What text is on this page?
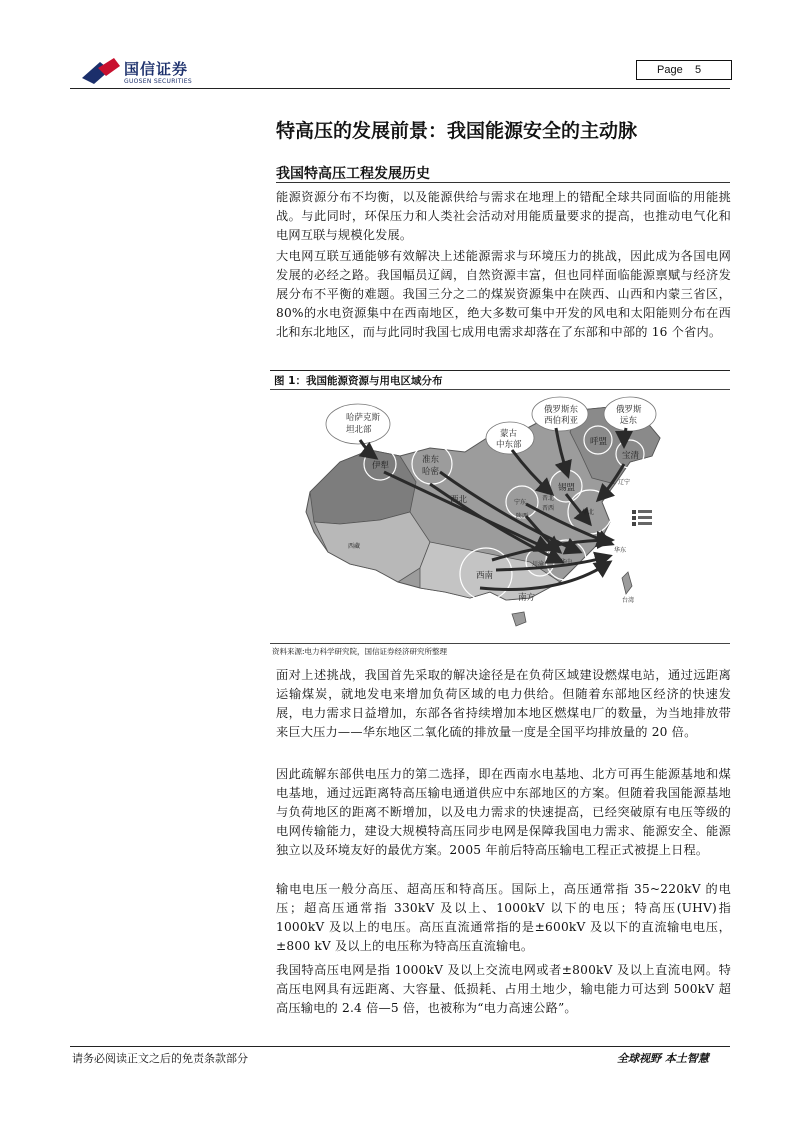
国信证券
GUOSEN SECURITIES
Page 5
特高压的发展前景：我国能源安全的主动脉
我国特高压工程发展历史
能源资源分布不均衡，以及能源供给与需求在地理上的错配全球共同面临的用能挑战。与此同时，环保压力和人类社会活动对用能质量要求的提高，也推动电气化和电网互联与规模化发展。
大电网互联互通能够有效解决上述能源需求与环境压力的挑战，因此成为各国电网发展的必经之路。我国幅员辽阔，自然资源丰富，但也同样面临能源禀赋与经济发展分布不平衡的难题。我国三分之二的煤炭资源集中在陕西、山西和内蒙三省区，80%的水电资源集中在西南地区，绝大多数可集中开发的风电和太阳能则分布在西北和东北地区，而与此同时我国七成用电需求却落在了东部和中部的 16 个省内。
图 1：我国能源资源与用电区域分布
哈萨克斯
坦北部	蒙古
中东部
俄罗斯东
西伯利亚
俄罗斯
远东
伊犁
准东
哈密
西北
西藏
西南
南方
锡盟
呼盟
宝清
宁东
陕西
晋西
晋北
华北
川渝	华中
华东
辽宁
台湾
资料来源:电力科学研究院，国信证券经济研究所整理
面对上述挑战，我国首先采取的解决途径是在负荷区域建设燃煤电站，通过远距离运输煤炭，就地发电来增加负荷区域的电力供给。但随着东部地区经济的快速发展，电力需求日益增加，东部各省持续增加本地区燃煤电厂的数量，为当地排放带来巨大压力——华东地区二氧化硫的排放量一度是全国平均排放量的 20 倍。
因此疏解东部供电压力的第二选择，即在西南水电基地、北方可再生能源基地和煤电基地，通过远距离特高压输电通道供应中东部地区的方案。但随着我国能源基地与负荷地区的距离不断增加，以及电力需求的快速提高，已经突破原有电压等级的电网传输能力，建设大规模特高压同步电网是保障我国电力需求、能源安全、能源独立以及环境友好的最优方案。2005 年前后特高压输电工程正式被提上日程。
输电电压一般分高压、超高压和特高压。国际上，高压通常指 35~220kV 的电压；超高压通常指 330kV 及以上、1000kV 以下的电压；特高压(UHV)指 1000kV 及以上的电压。高压直流通常指的是±600kV 及以下的直流输电电压，±800 kV 及以上的电压称为特高压直流输电。
我国特高压电网是指 1000kV 及以上交流电网或者±800kV 及以上直流电网。特高压电网具有远距离、大容量、低损耗、占用土地少，输电能力可达到 500kV 超高压输电的 2.4 倍—5 倍，也被称为“电力高速公路”。
请务必阅读正文之后的免责条款部分	全球视野 本土智慧
